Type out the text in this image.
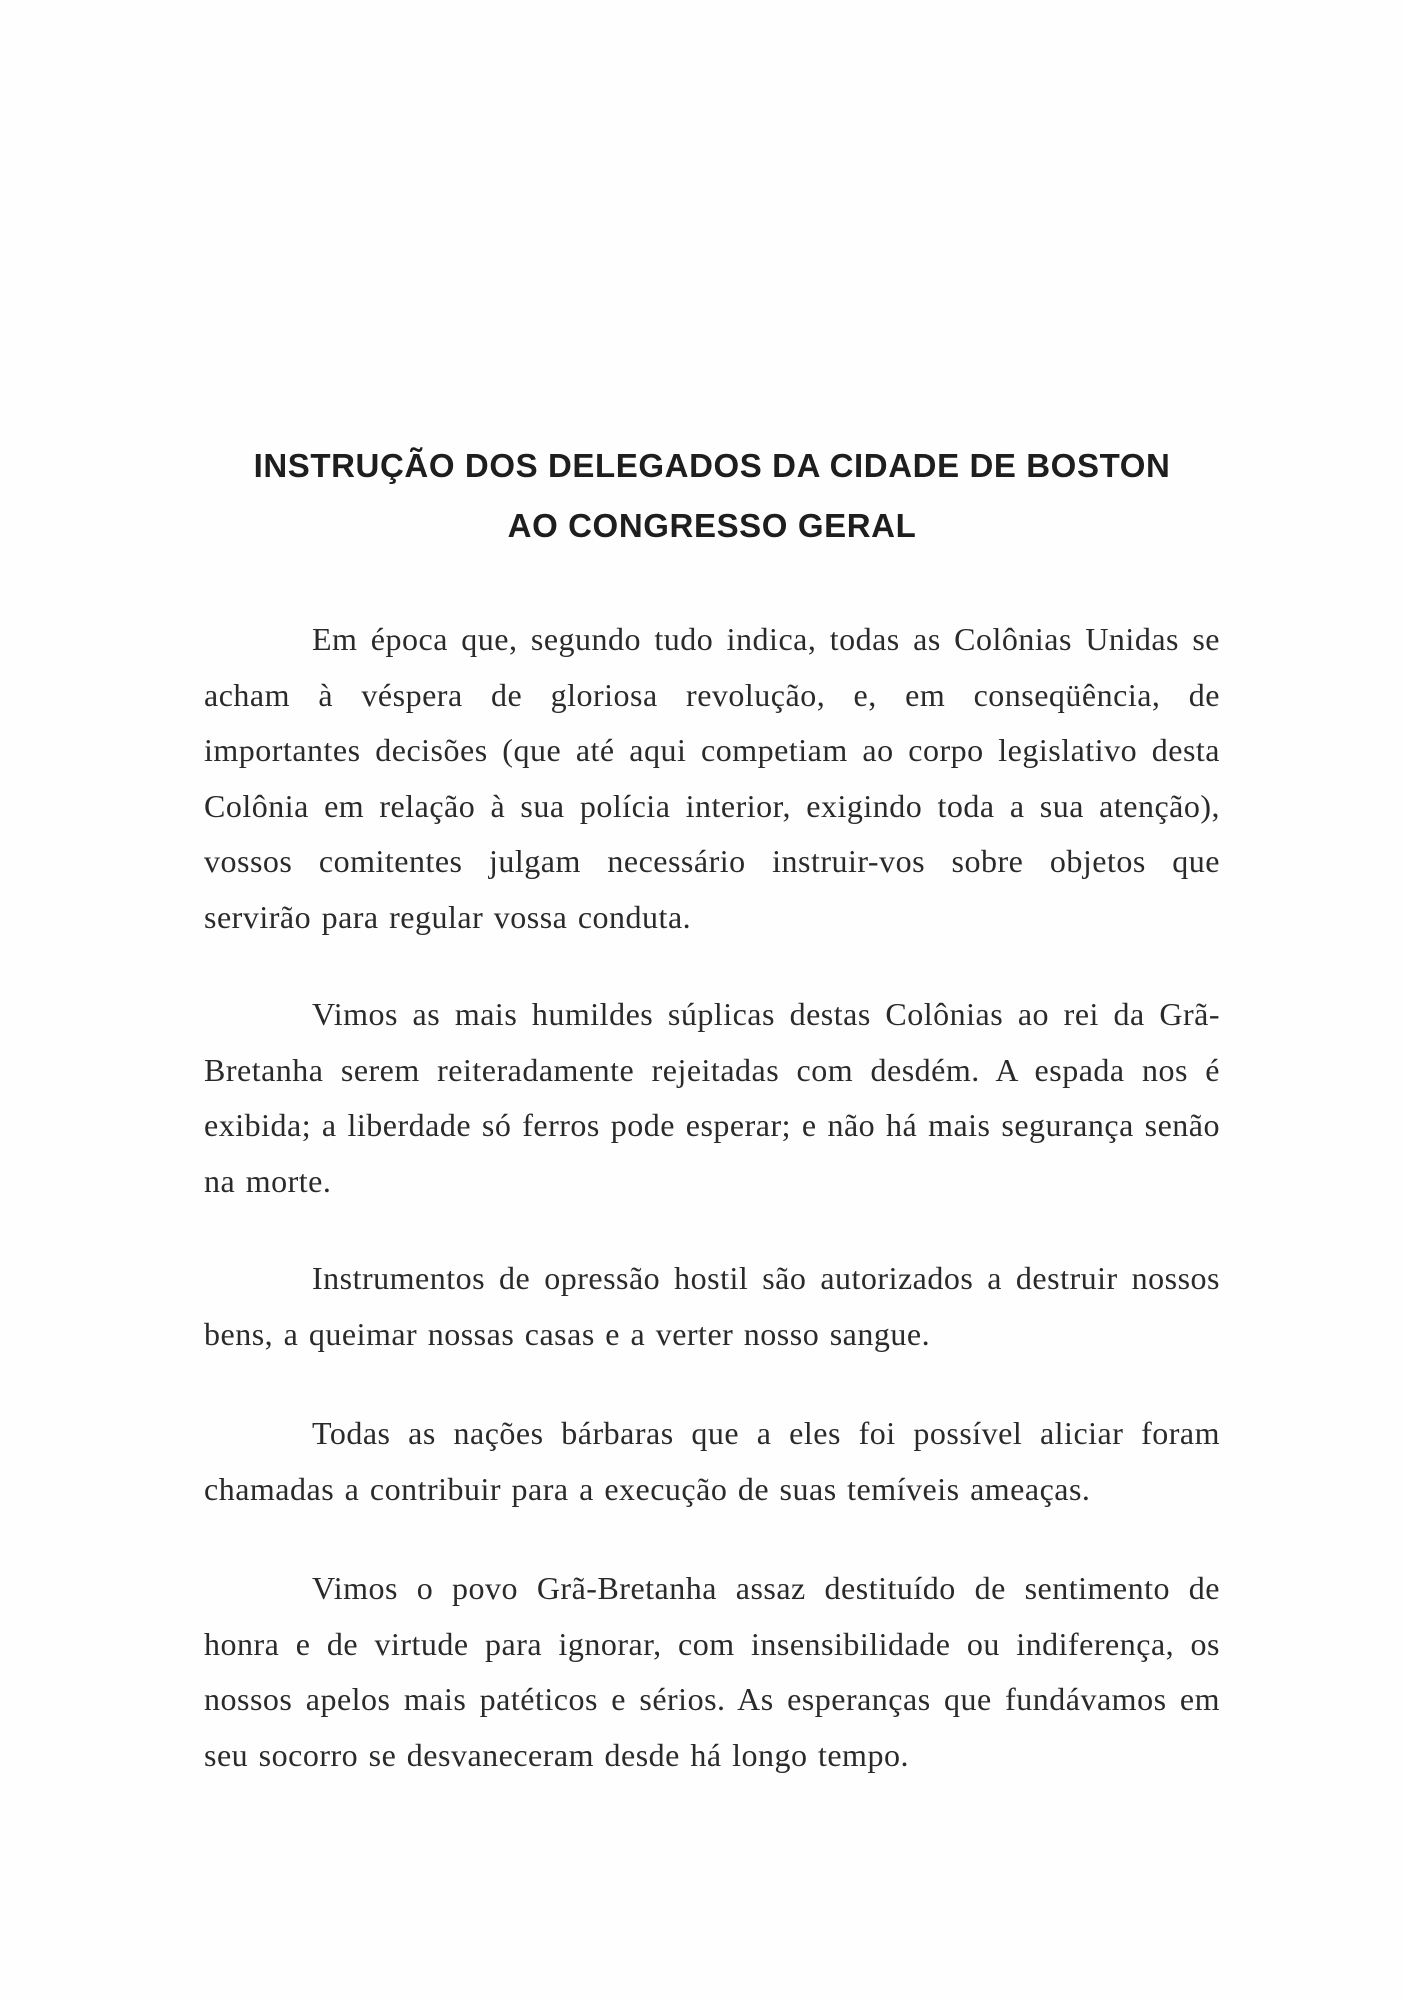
INSTRUÇÃO DOS DELEGADOS DA CIDADE DE BOSTON
AO CONGRESSO GERAL

Em época que, segundo tudo indica, todas as Colônias Unidas se acham à véspera de gloriosa revolução, e, em conseqüência, de importantes decisões (que até aqui competiam ao corpo legislativo desta Colônia em relação à sua polícia interior, exigindo toda a sua atenção), vossos comitentes julgam necessário instruir-vos sobre objetos que servirão para regular vossa conduta.

Vimos as mais humildes súplicas destas Colônias ao rei da Grã-Bretanha serem reiteradamente rejeitadas com desdém. A espada nos é exibida; a liberdade só ferros pode esperar; e não há mais segurança senão na morte.

Instrumentos de opressão hostil são autorizados a destruir nossos bens, a queimar nossas casas e a verter nosso sangue.

Todas as nações bárbaras que a eles foi possível aliciar foram chamadas a contribuir para a execução de suas temíveis ameaças.

Vimos o povo Grã-Bretanha assaz destituído de sentimento de honra e de virtude para ignorar, com insensibilidade ou indiferença, os nossos apelos mais patéticos e sérios. As esperanças que fundávamos em seu socorro se desvaneceram desde há longo tempo.
